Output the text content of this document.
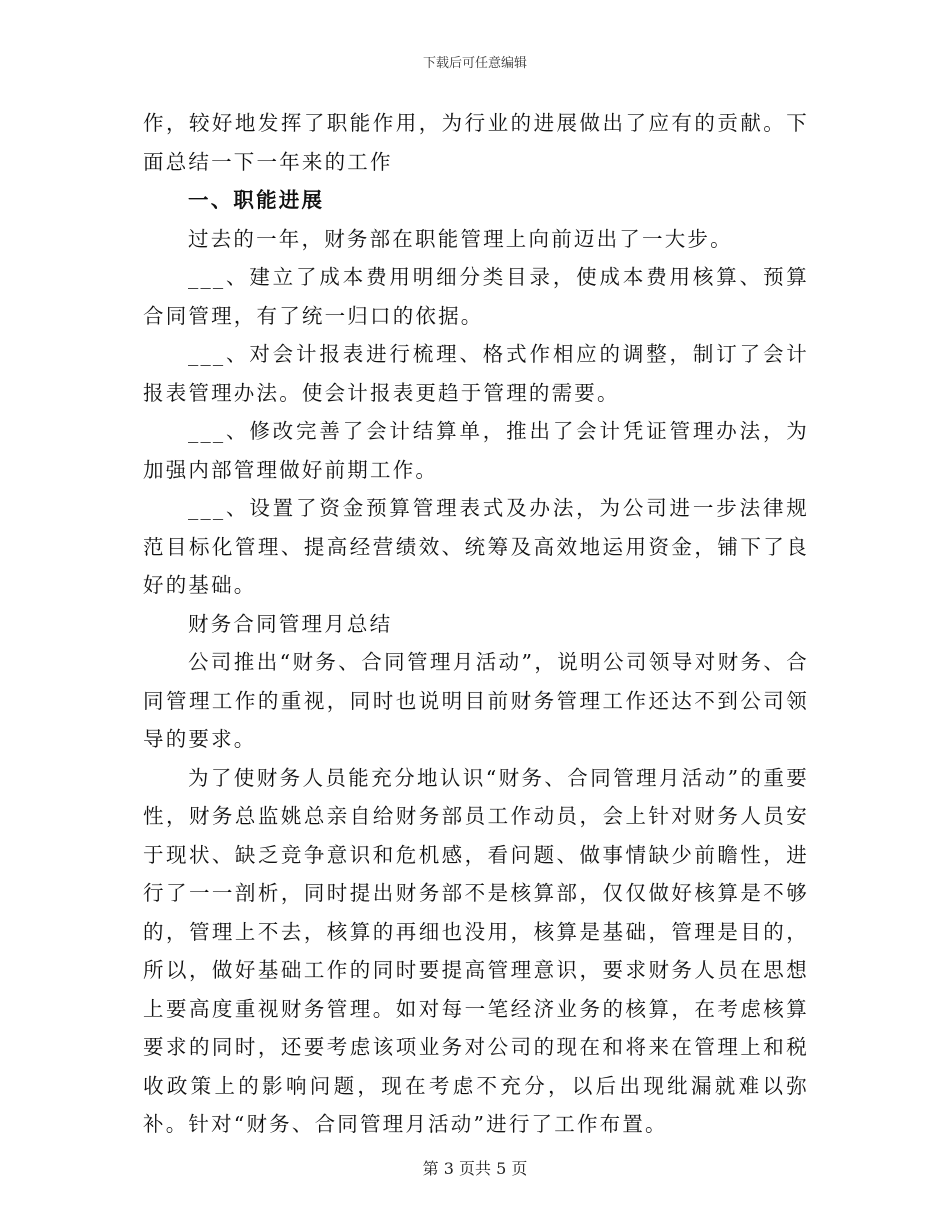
下载后可任意编辑

作，较好地发挥了职能作用，为行业的进展做出了应有的贡献。下面总结一下一年来的工作

一、职能进展

过去的一年，财务部在职能管理上向前迈出了一大步。

___、建立了成本费用明细分类目录，使成本费用核算、预算合同管理，有了统一归口的依据。

___、对会计报表进行梳理、格式作相应的调整，制订了会计报表管理办法。使会计报表更趋于管理的需要。

___、修改完善了会计结算单，推出了会计凭证管理办法，为加强内部管理做好前期工作。

___、设置了资金预算管理表式及办法，为公司进一步法律规范目标化管理、提高经营绩效、统筹及高效地运用资金，铺下了良好的基础。

财务合同管理月总结

公司推出“财务、合同管理月活动”，说明公司领导对财务、合同管理工作的重视，同时也说明目前财务管理工作还达不到公司领导的要求。

为了使财务人员能充分地认识“财务、合同管理月活动”的重要性，财务总监姚总亲自给财务部员工作动员，会上针对财务人员安于现状、缺乏竞争意识和危机感，看问题、做事情缺少前瞻性，进行了一一剖析，同时提出财务部不是核算部，仅仅做好核算是不够的，管理上不去，核算的再细也没用，核算是基础，管理是目的，所以，做好基础工作的同时要提高管理意识，要求财务人员在思想上要高度重视财务管理。如对每一笔经济业务的核算，在考虑核算要求的同时，还要考虑该项业务对公司的现在和将来在管理上和税收政策上的影响问题，现在考虑不充分，以后出现纰漏就难以弥补。针对“财务、合同管理月活动”进行了工作布置。

第 3 页共 5 页
